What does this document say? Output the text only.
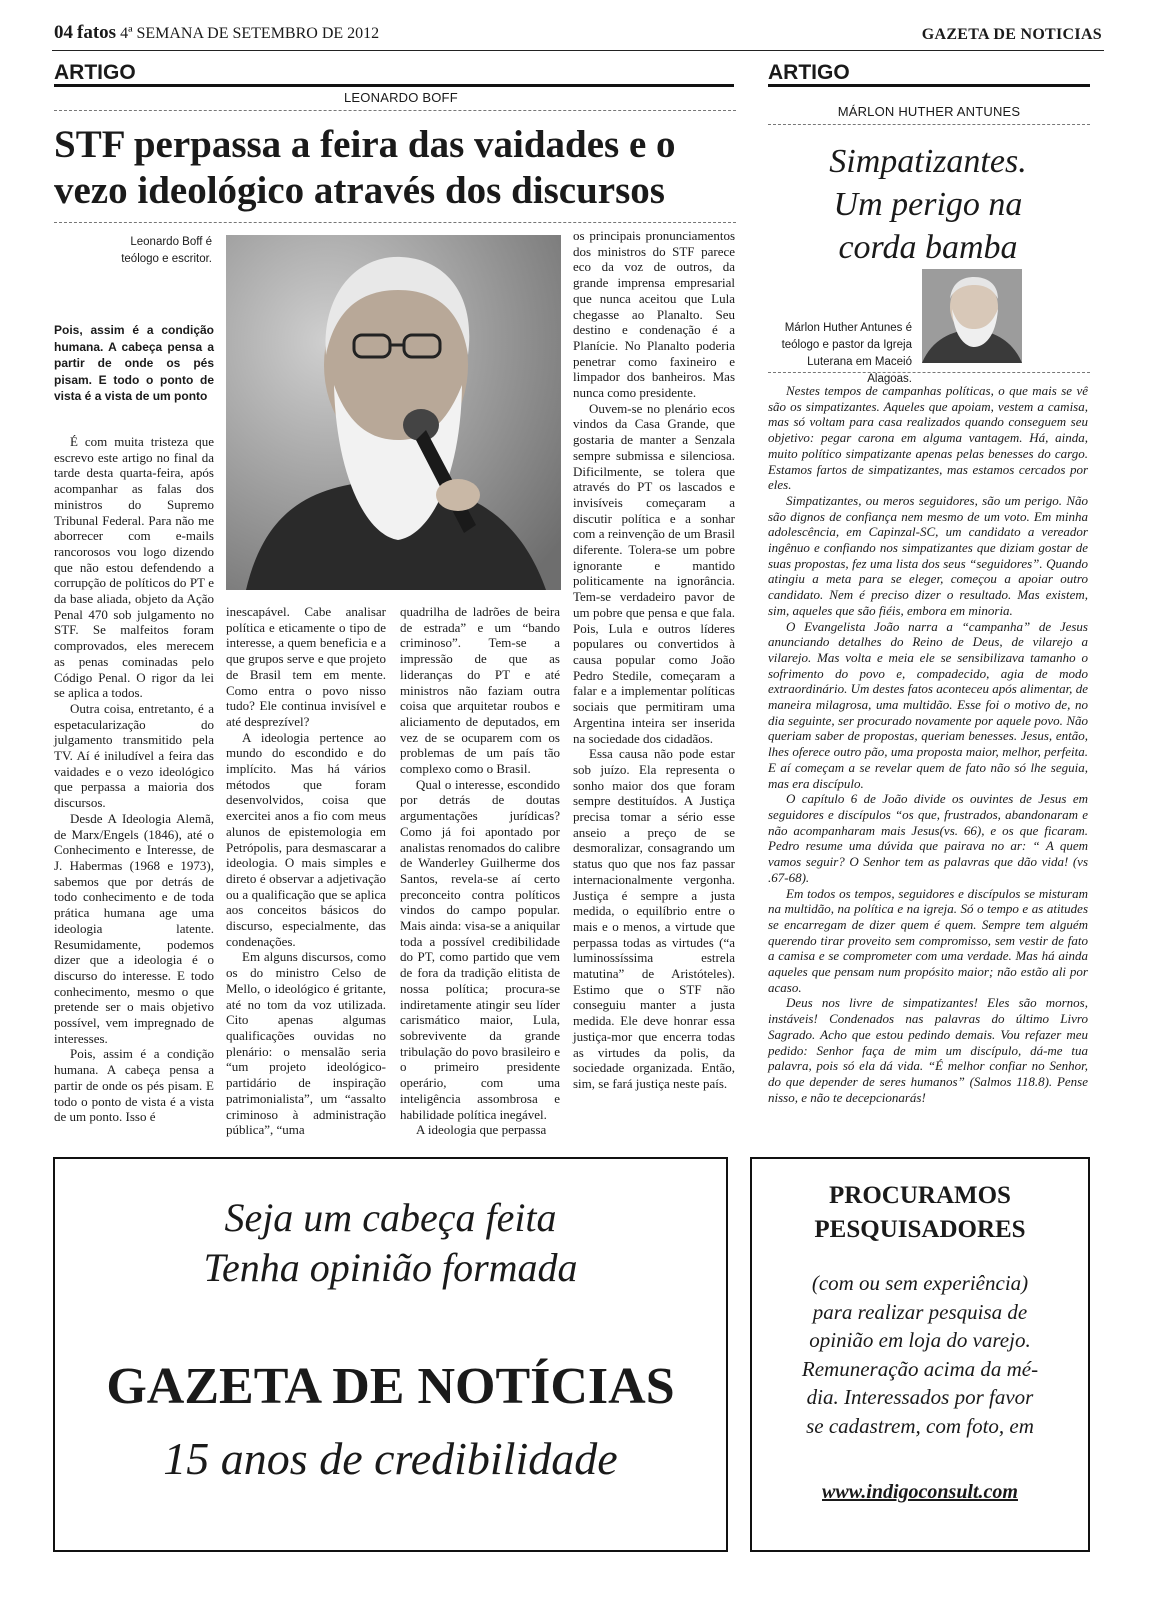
04 fatos 4ª SEMANA DE SETEMBRO DE 2012	GAZETA DE NOTICIAS
ARTIGO
LEONARDO BOFF
STF perpassa a feira das vaidades e o vezo ideológico através dos discursos
Leonardo Boff é teólogo e escritor.
Pois, assim é a condição humana. A cabeça pensa a partir de onde os pés pisam. E todo o ponto de vista é a vista de um ponto

É com muita tristeza que escrevo este artigo no final da tarde desta quarta-feira, após acompanhar as falas dos ministros do Supremo Tribunal Federal. Para não me aborrecer com e-mails rancorosos vou logo dizendo que não estou defendendo a corrupção de políticos do PT e da base aliada, objeto da Ação Penal 470 sob julgamento no STF. Se malfeitos foram comprovados, eles merecem as penas cominadas pelo Código Penal. O rigor da lei se aplica a todos.

Outra coisa, entretanto, é a espetacularização do julgamento transmitido pela TV. Aí é iniludível a feira das vaidades e o vezo ideológico que perpassa a maioria dos discursos.

Desde A Ideologia Alemã, de Marx/Engels (1846), até o Conhecimento e Interesse, de J. Habermas (1968 e 1973), sabemos que por detrás de todo conhecimento e de toda prática humana age uma ideologia latente. Resumidamente, podemos dizer que a ideologia é o discurso do interesse. E todo conhecimento, mesmo o que pretende ser o mais objetivo possível, vem impregnado de interesses.

Pois, assim é a condição humana. A cabeça pensa a partir de onde os pés pisam. E todo o ponto de vista é a vista de um ponto. Isso é

inescapável. Cabe analisar política e eticamente o tipo de interesse, a quem beneficia e a que grupos serve e que projeto de Brasil tem em mente. Como entra o povo nisso tudo? Ele continua invisível e até desprezível?

A ideologia pertence ao mundo do escondido e do implícito. Mas há vários métodos que foram desenvolvidos, coisa que exercitei anos a fio com meus alunos de epistemologia em Petrópolis, para desmascarar a ideologia. O mais simples e direto é observar a adjetivação ou a qualificação que se aplica aos conceitos básicos do discurso, especialmente, das condenações.

Em alguns discursos, como os do ministro Celso de Mello, o ideológico é gritante, até no tom da voz utilizada. Cito apenas algumas qualificações ouvidas no plenário: o mensalão seria “um projeto ideológico-partidário de inspiração patrimonialista”, um “assalto criminoso à administração pública”, “uma

quadrilha de ladrões de beira de estrada” e um “bando criminoso”. Tem-se a impressão de que as lideranças do PT e até ministros não faziam outra coisa que arquitetar roubos e aliciamento de deputados, em vez de se ocuparem com os problemas de um país tão complexo como o Brasil.

Qual o interesse, escondido por detrás de doutas argumentações jurídicas? Como já foi apontado por analistas renomados do calibre de Wanderley Guilherme dos Santos, revela-se aí certo preconceito contra políticos vindos do campo popular. Mais ainda: visa-se a aniquilar toda a possível credibilidade do PT, como partido que vem de fora da tradição elitista de nossa política; procura-se indiretamente atingir seu líder carismático maior, Lula, sobrevivente da grande tribulação do povo brasileiro e o primeiro presidente operário, com uma inteligência assombrosa e habilidade política inegável.

A ideologia que perpassa

os principais pronunciamentos dos ministros do STF parece eco da voz de outros, da grande imprensa empresarial que nunca aceitou que Lula chegasse ao Planalto. Seu destino e condenação é a Planície. No Planalto poderia penetrar como faxineiro e limpador dos banheiros. Mas nunca como presidente.

Ouvem-se no plenário ecos vindos da Casa Grande, que gostaria de manter a Senzala sempre submissa e silenciosa. Dificilmente, se tolera que através do PT os lascados e invisíveis começaram a discutir política e a sonhar com a reinvenção de um Brasil diferente. Tolera-se um pobre ignorante e mantido politicamente na ignorância. Tem-se verdadeiro pavor de um pobre que pensa e que fala. Pois, Lula e outros líderes populares ou convertidos à causa popular como João Pedro Stedile, começaram a falar e a implementar políticas sociais que permitiram uma Argentina inteira ser inserida na sociedade dos cidadãos.

Essa causa não pode estar sob juízo. Ela representa o sonho maior dos que foram sempre destituídos. A Justiça precisa tomar a sério esse anseio a preço de se desmoralizar, consagrando um status quo que nos faz passar internacionalmente vergonha. Justiça é sempre a justa medida, o equilíbrio entre o mais e o menos, a virtude que perpassa todas as virtudes (“a luminossíssima estrela matutina” de Aristóteles). Estimo que o STF não conseguiu manter a justa medida. Ele deve honrar essa justiça-mor que encerra todas as virtudes da polis, da sociedade organizada. Então, sim, se fará justiça neste país.

ARTIGO
MÁRLON HUTHER ANTUNES
Simpatizantes.
Um perigo na
corda bamba
Márlon Huther Antunes é teólogo e pastor da Igreja Luterana em Maceió Alagoas.

Nestes tempos de campanhas políticas, o que mais se vê são os simpatizantes. Aqueles que apoiam, vestem a camisa, mas só voltam para casa realizados quando conseguem seu objetivo: pegar carona em alguma vantagem. Há, ainda, muito político simpatizante apenas pelas benesses do cargo. Estamos fartos de simpatizantes, mas estamos cercados por eles.

Simpatizantes, ou meros seguidores, são um perigo. Não são dignos de confiança nem mesmo de um voto. Em minha adolescência, em Capinzal-SC, um candidato a vereador ingênuo e confiando nos simpatizantes que diziam gostar de suas propostas, fez uma lista dos seus “seguidores”. Quando atingiu a meta para se eleger, começou a apoiar outro candidato. Nem é preciso dizer o resultado. Mas existem, sim, aqueles que são fiéis, embora em minoria.

O Evangelista João narra a “campanha” de Jesus anunciando detalhes do Reino de Deus, de vilarejo a vilarejo. Mas volta e meia ele se sensibilizava tamanho o sofrimento do povo e, compadecido, agia de modo extraordinário. Um destes fatos aconteceu após alimentar, de maneira milagrosa, uma multidão. Esse foi o motivo de, no dia seguinte, ser procurado novamente por aquele povo. Não queriam saber de propostas, queriam benesses. Jesus, então, lhes oferece outro pão, uma proposta maior, melhor, perfeita. E aí começam a se revelar quem de fato não só lhe seguia, mas era discípulo.

O capítulo 6 de João divide os ouvintes de Jesus em seguidores e discípulos “os que, frustrados, abandonaram e não acompanharam mais Jesus(vs. 66), e os que ficaram. Pedro resume uma dúvida que pairava no ar: “ A quem vamos seguir? O Senhor tem as palavras que dão vida! (vs .67-68).

Em todos os tempos, seguidores e discípulos se misturam na multidão, na política e na igreja. Só o tempo e as atitudes se encarregam de dizer quem é quem. Sempre tem alguém querendo tirar proveito sem compromisso, sem vestir de fato a camisa e se comprometer com uma verdade. Mas há ainda aqueles que pensam num propósito maior; não estão ali por acaso.

Deus nos livre de simpatizantes! Eles são mornos, instáveis! Condenados nas palavras do último Livro Sagrado. Acho que estou pedindo demais. Vou refazer meu pedido: Senhor faça de mim um discípulo, dá-me tua palavra, pois só ela dá vida. “É melhor confiar no Senhor, do que depender de seres humanos” (Salmos 118.8). Pense nisso, e não te decepcionarás!

Seja um cabeça feita
Tenha opinião formada
GAZETA DE NOTÍCIAS
15 anos de credibilidade
PROCURAMOS
PESQUISADORES
(com ou sem experiência)
para realizar pesquisa de
opinião em loja do varejo.
Remuneração acima da mé-
dia. Interessados por favor
se cadastrem, com foto, em
www.indigoconsult.com
